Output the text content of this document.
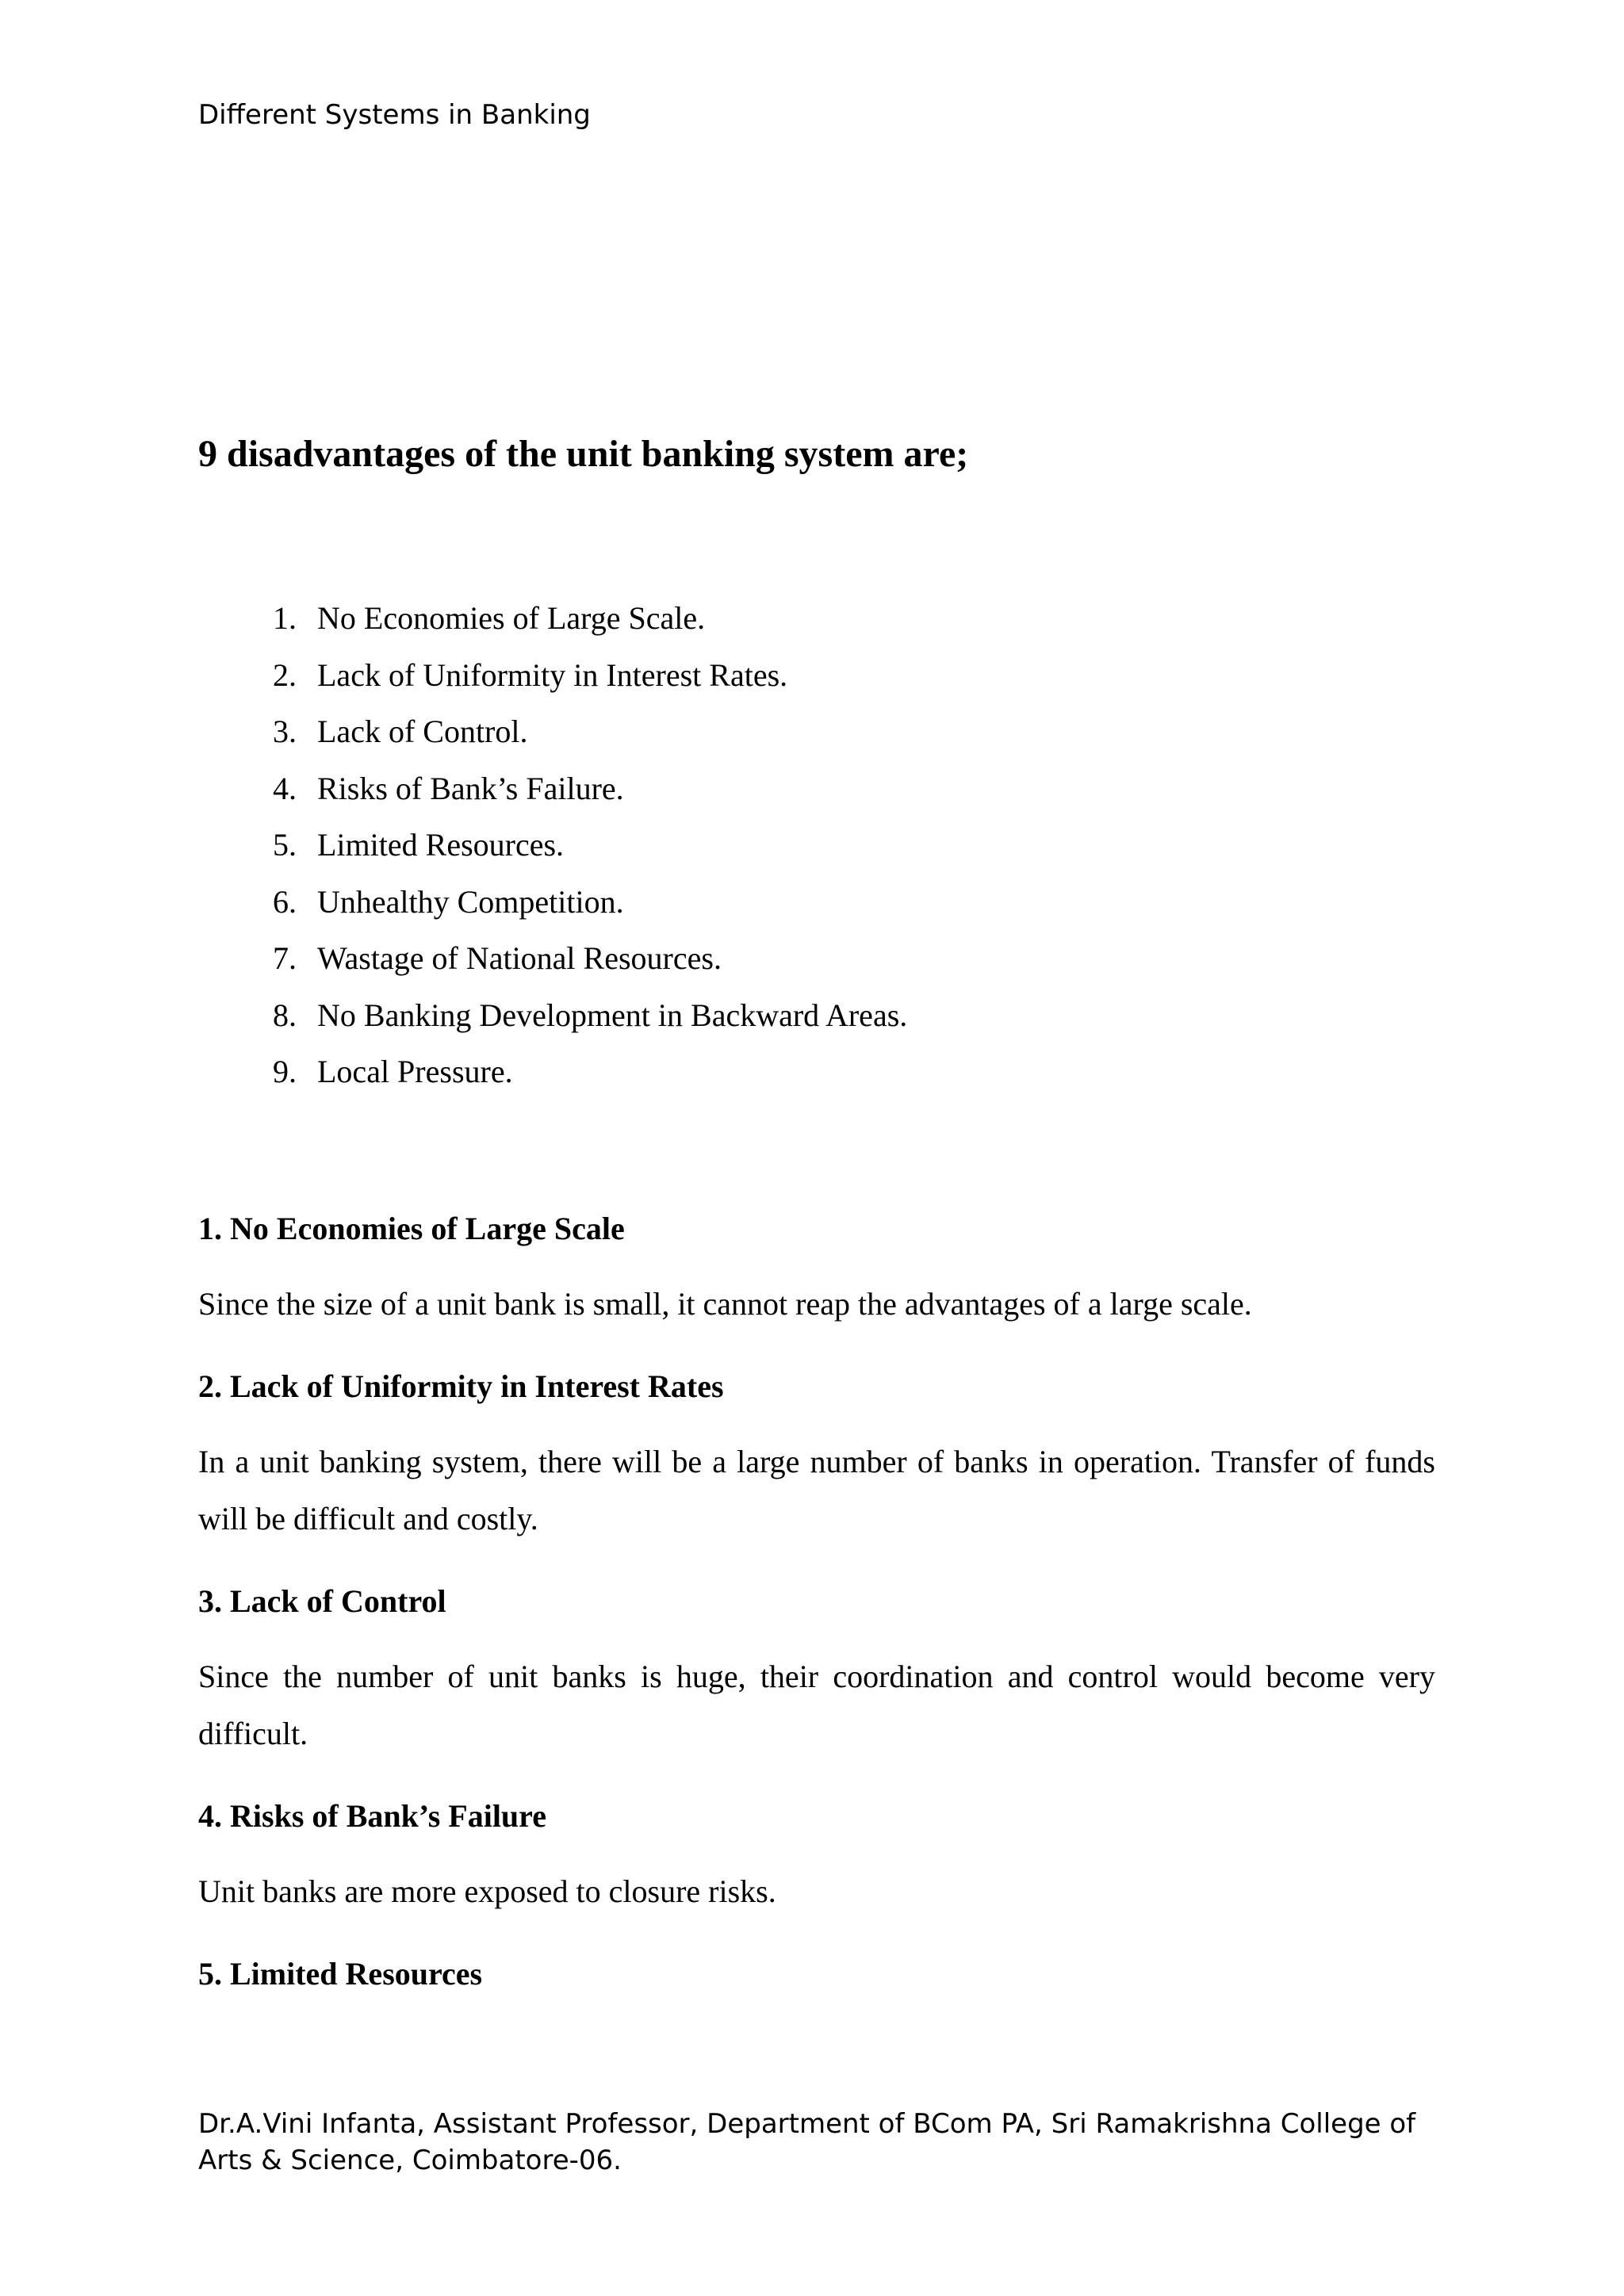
Different Systems in Banking
9 disadvantages of the unit banking system are;
1. No Economies of Large Scale.
2. Lack of Uniformity in Interest Rates.
3. Lack of Control.
4. Risks of Bank’s Failure.
5. Limited Resources.
6. Unhealthy Competition.
7. Wastage of National Resources.
8. No Banking Development in Backward Areas.
9. Local Pressure.
1. No Economies of Large Scale

Since the size of a unit bank is small, it cannot reap the advantages of a large scale.

2. Lack of Uniformity in Interest Rates

In a unit banking system, there will be a large number of banks in operation. Transfer of funds will be difficult and costly.

3. Lack of Control

Since the number of unit banks is huge, their coordination and control would become very difficult.

4. Risks of Bank’s Failure

Unit banks are more exposed to closure risks.

5. Limited Resources

Dr.A.Vini Infanta, Assistant Professor, Department of BCom PA, Sri Ramakrishna College of Arts & Science, Coimbatore-06.
